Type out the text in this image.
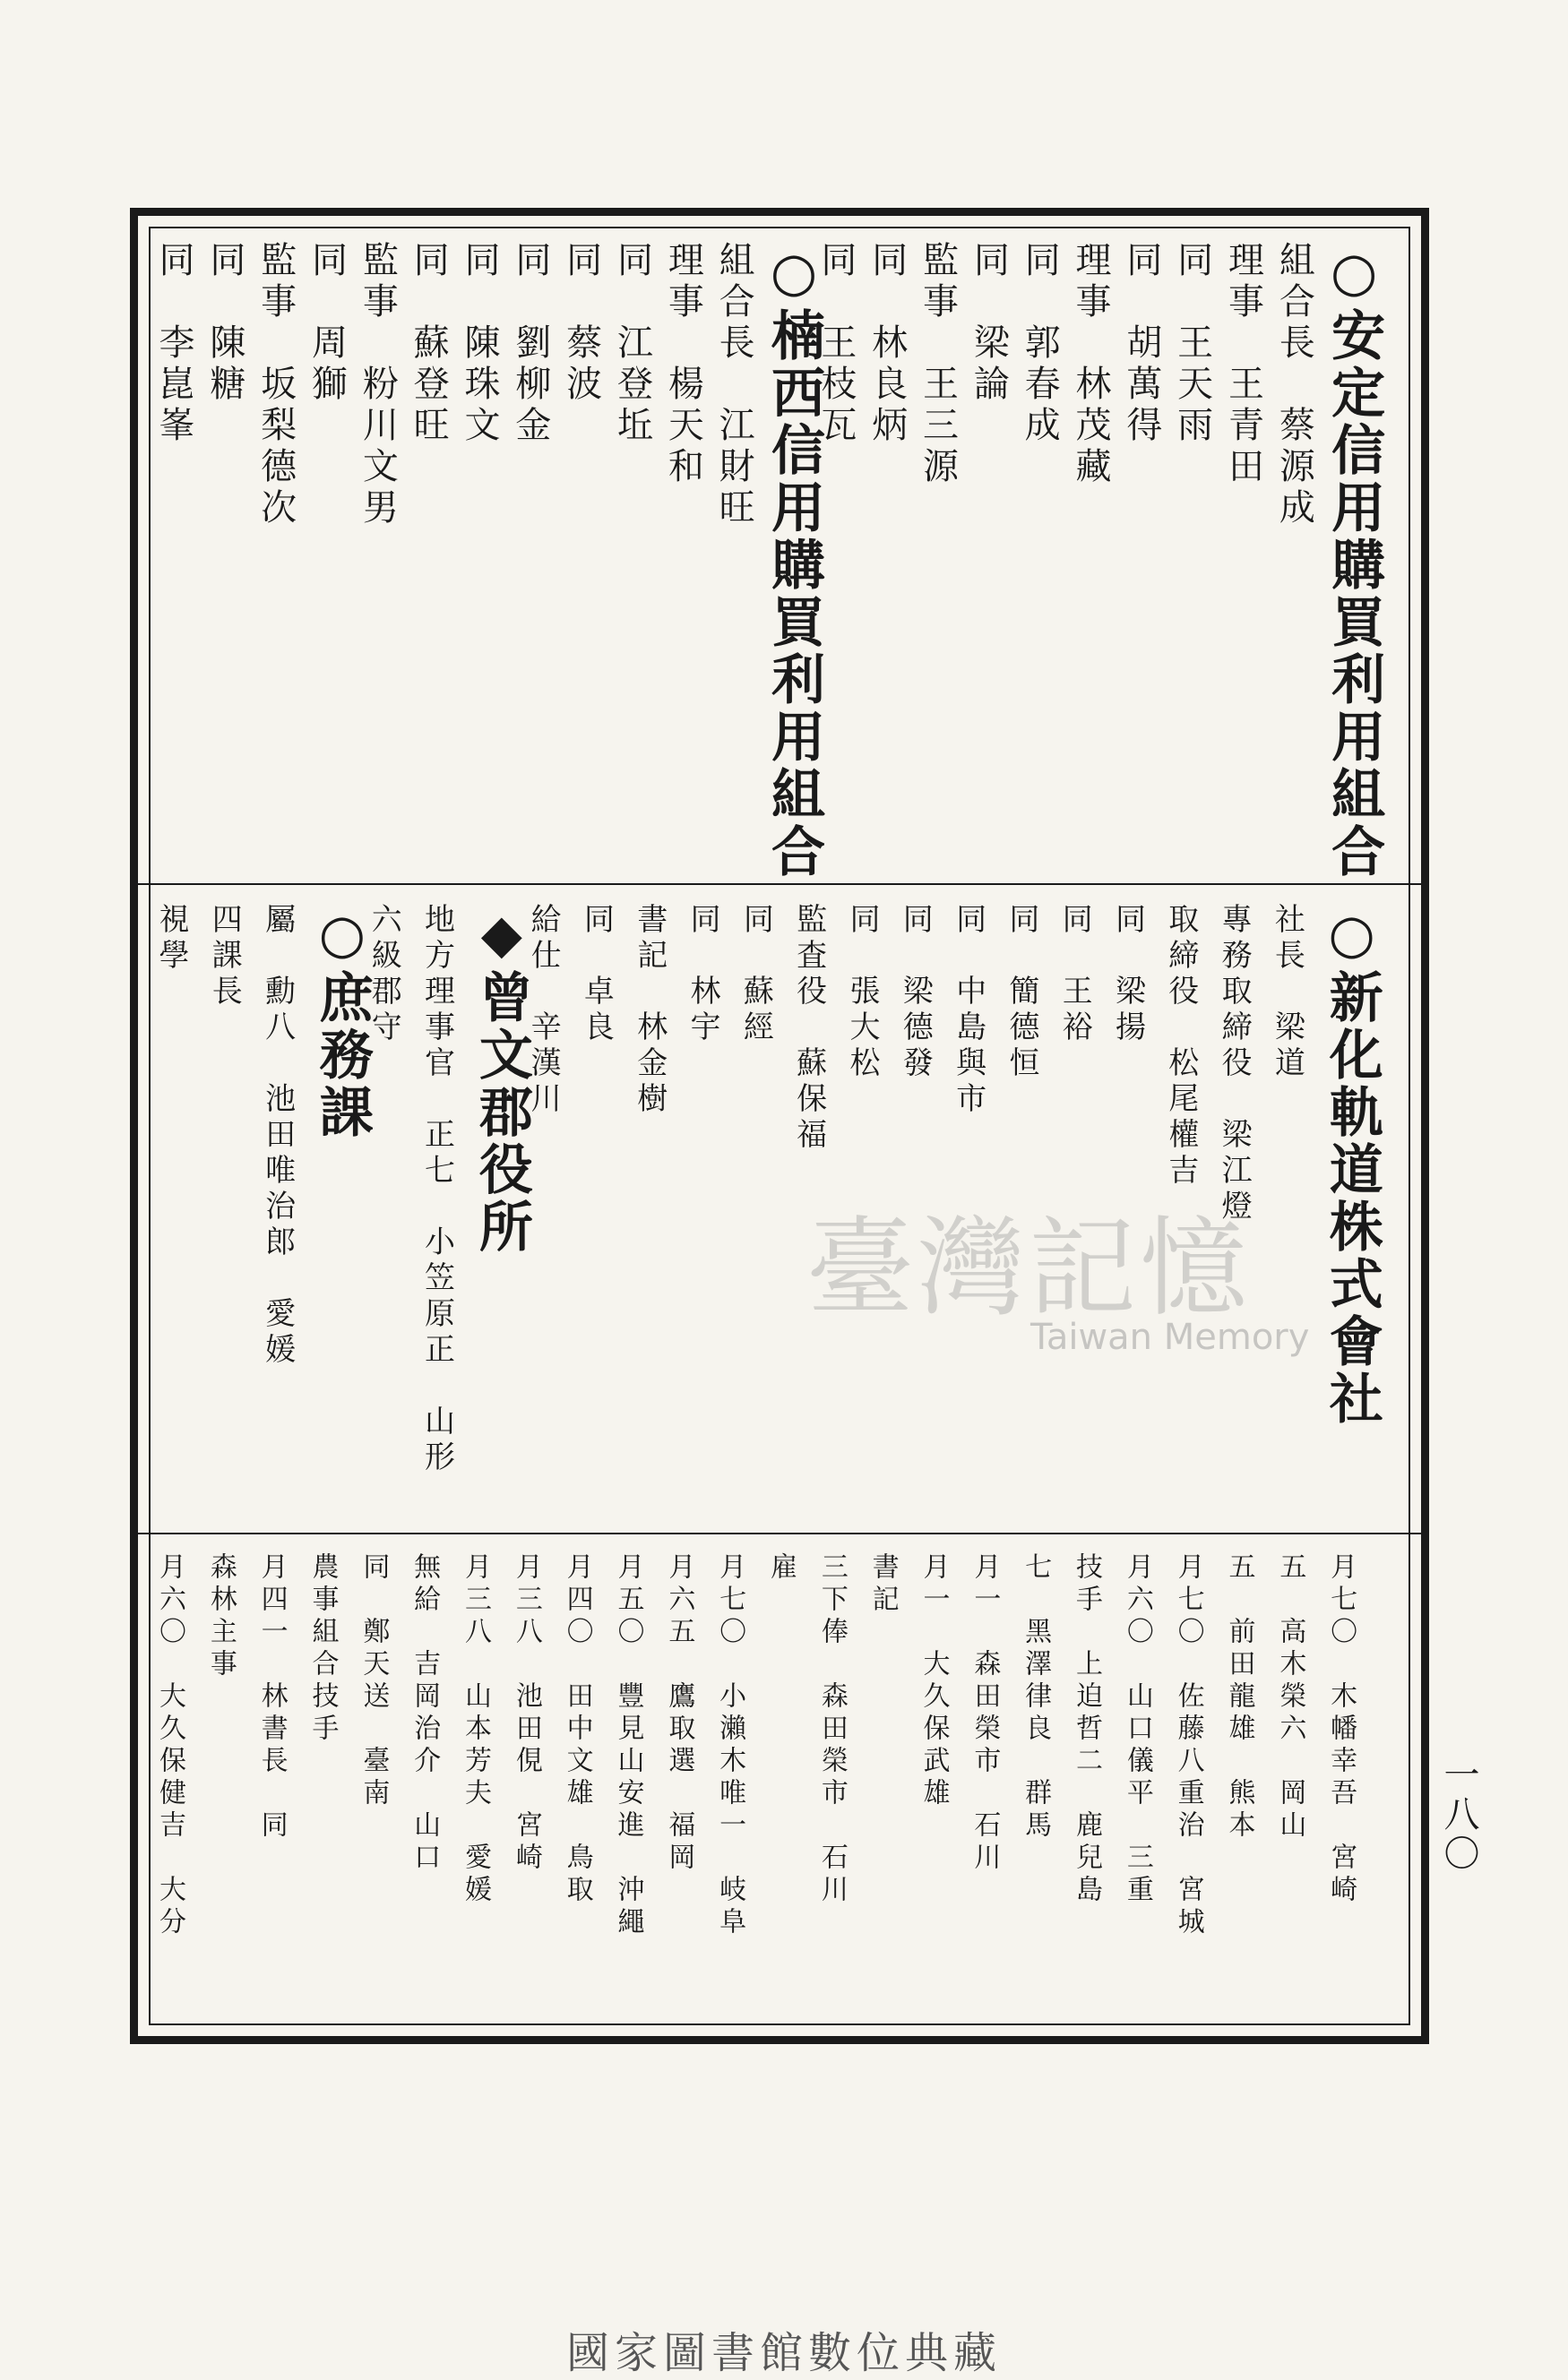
○安定信用購買利用組合
組合長　蔡源成
理事　王青田
同　王天雨
同　胡萬得
理事　林茂藏
同　郭春成
同　梁論
監事　王三源
同　林良炳
同　王枝瓦
○楠西信用購買利用組合
組合長　江財旺
理事　楊天和
同　江登坵
同　蔡波
同　劉柳金
同　陳珠文
同　蘇登旺
監事　粉川文男
同　周獅
監事　坂梨德次
同　陳糖
同　李崑峯
○新化軌道株式會社
社長　梁道
專務取締役　梁江燈
取締役　松尾權吉
同　梁揚
同　王裕
同　簡德恒
同　中島與市
同　梁德發
同　張大松
監査役　蘇保福
同　蘇經
同　林宇
書記　林金樹
同　卓良
給仕　辛漢川
◆曾文郡役所
地方理事官　正七　小笠原正　山形
六級郡守
○庶務課
屬　勳八　池田唯治郎　愛媛
四課長
視學
月七〇　木幡幸吾　宮崎
五　高木榮六　岡山
五　前田龍雄　熊本
月七〇　佐藤八重治　宮城
月六〇　山口儀平　三重
技手　上迫哲二　鹿兒島
七　黑澤律良　群馬
月一　森田榮市　石川
月一　大久保武雄
書記
三下俸　森田榮市　石川
雇
月七〇　小瀨木唯一　岐阜
月六五　鷹取選　福岡
月五〇　豐見山安進　沖繩
月四〇　田中文雄　鳥取
月三八　池田俔　宮崎
月三八　山本芳夫　愛媛
無給　吉岡治介　山口
同　鄭天送　臺南
農事組合技手
月四一　林書長　同
森林主事
月六〇　大久保健吉　大分	一八〇
臺灣記憶
Taiwan Memory
國家圖書館數位典藏
